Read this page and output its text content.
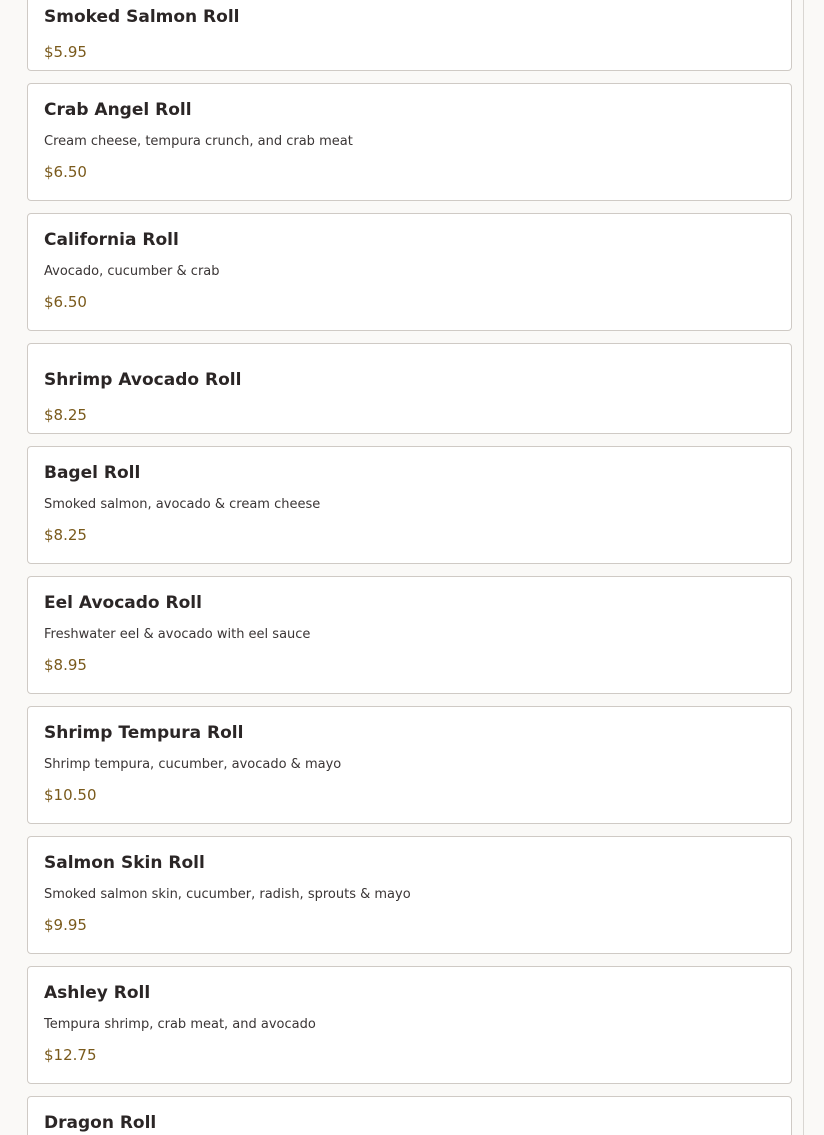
Smoked Salmon Roll
$5.95
Crab Angel Roll
Cream cheese, tempura crunch, and crab meat
$6.50
California Roll
Avocado, cucumber & crab
$6.50
Shrimp Avocado Roll
$8.25
Bagel Roll
Smoked salmon, avocado & cream cheese
$8.25
Eel Avocado Roll
Freshwater eel & avocado with eel sauce
$8.95
Shrimp Tempura Roll
Shrimp tempura, cucumber, avocado & mayo
$10.50
Salmon Skin Roll
Smoked salmon skin, cucumber, radish, sprouts & mayo
$9.95
Ashley Roll
Tempura shrimp, crab meat, and avocado
$12.75
Dragon Roll
